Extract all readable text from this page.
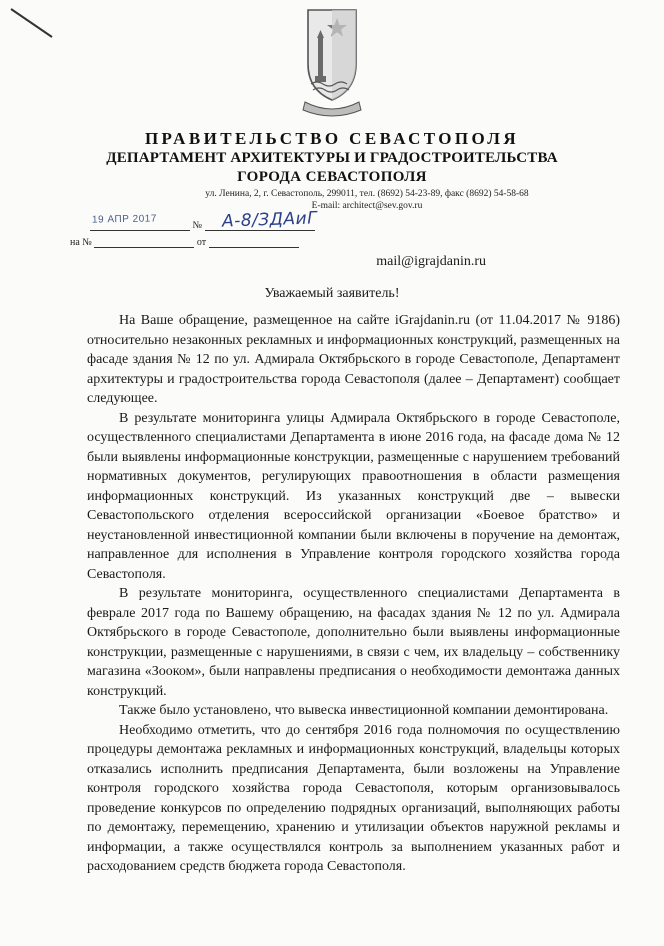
ПРАВИТЕЛЬСТВО СЕВАСТОПОЛЯ
ДЕПАРТАМЕНТ АРХИТЕКТУРЫ И ГРАДОСТРОИТЕЛЬСТВА
ГОРОДА СЕВАСТОПОЛЯ
ул. Ленина, 2, г. Севастополь, 299011, тел. (8692) 54-23-89, факс (8692) 54-58-68
E-mail: architect@sev.gov.ru
№
19 АПР 2017	А-8/ЗДАиГ
на №	от
mail@igrajdanin.ru
Уважаемый заявитель!

На Ваше обращение, размещенное на сайте iGrajdanin.ru (от 11.04.2017 № 9186) относительно незаконных рекламных и информационных конструкций, размещенных на фасаде здания № 12 по ул. Адмирала Октябрьского в городе Севастополе, Департамент архитектуры и градостроительства города Севастополя (далее – Департамент) сообщает следующее.

В результате мониторинга улицы Адмирала Октябрьского в городе Севастополе, осуществленного специалистами Департамента в июне 2016 года, на фасаде дома № 12 были выявлены информационные конструкции, размещенные с нарушением требований нормативных документов, регулирующих правоотношения в области размещения информационных конструкций. Из указанных конструкций две – вывески Севастопольского отделения всероссийской организации «Боевое братство» и неустановленной инвестиционной компании были включены в поручение на демонтаж, направленное для исполнения в Управление контроля городского хозяйства города Севастополя.

В результате мониторинга, осуществленного специалистами Департамента в феврале 2017 года по Вашему обращению, на фасадах здания № 12 по ул. Адмирала Октябрьского в городе Севастополе, дополнительно были выявлены информационные конструкции, размещенные с нарушениями, в связи с чем, их владельцу – собственнику магазина «Зооком», были направлены предписания о необходимости демонтажа данных конструкций.

Также было установлено, что вывеска инвестиционной компании демонтирована.

Необходимо отметить, что до сентября 2016 года полномочия по осуществлению процедуры демонтажа рекламных и информационных конструкций, владельцы которых отказались исполнить предписания Департамента, были возложены на Управление контроля городского хозяйства города Севастополя, которым организовывалось проведение конкурсов по определению подрядных организаций, выполняющих работы по демонтажу, перемещению, хранению и утилизации объектов наружной рекламы и информации, а также осуществлялся контроль за выполнением указанных работ и расходованием средств бюджета города Севастополя.
